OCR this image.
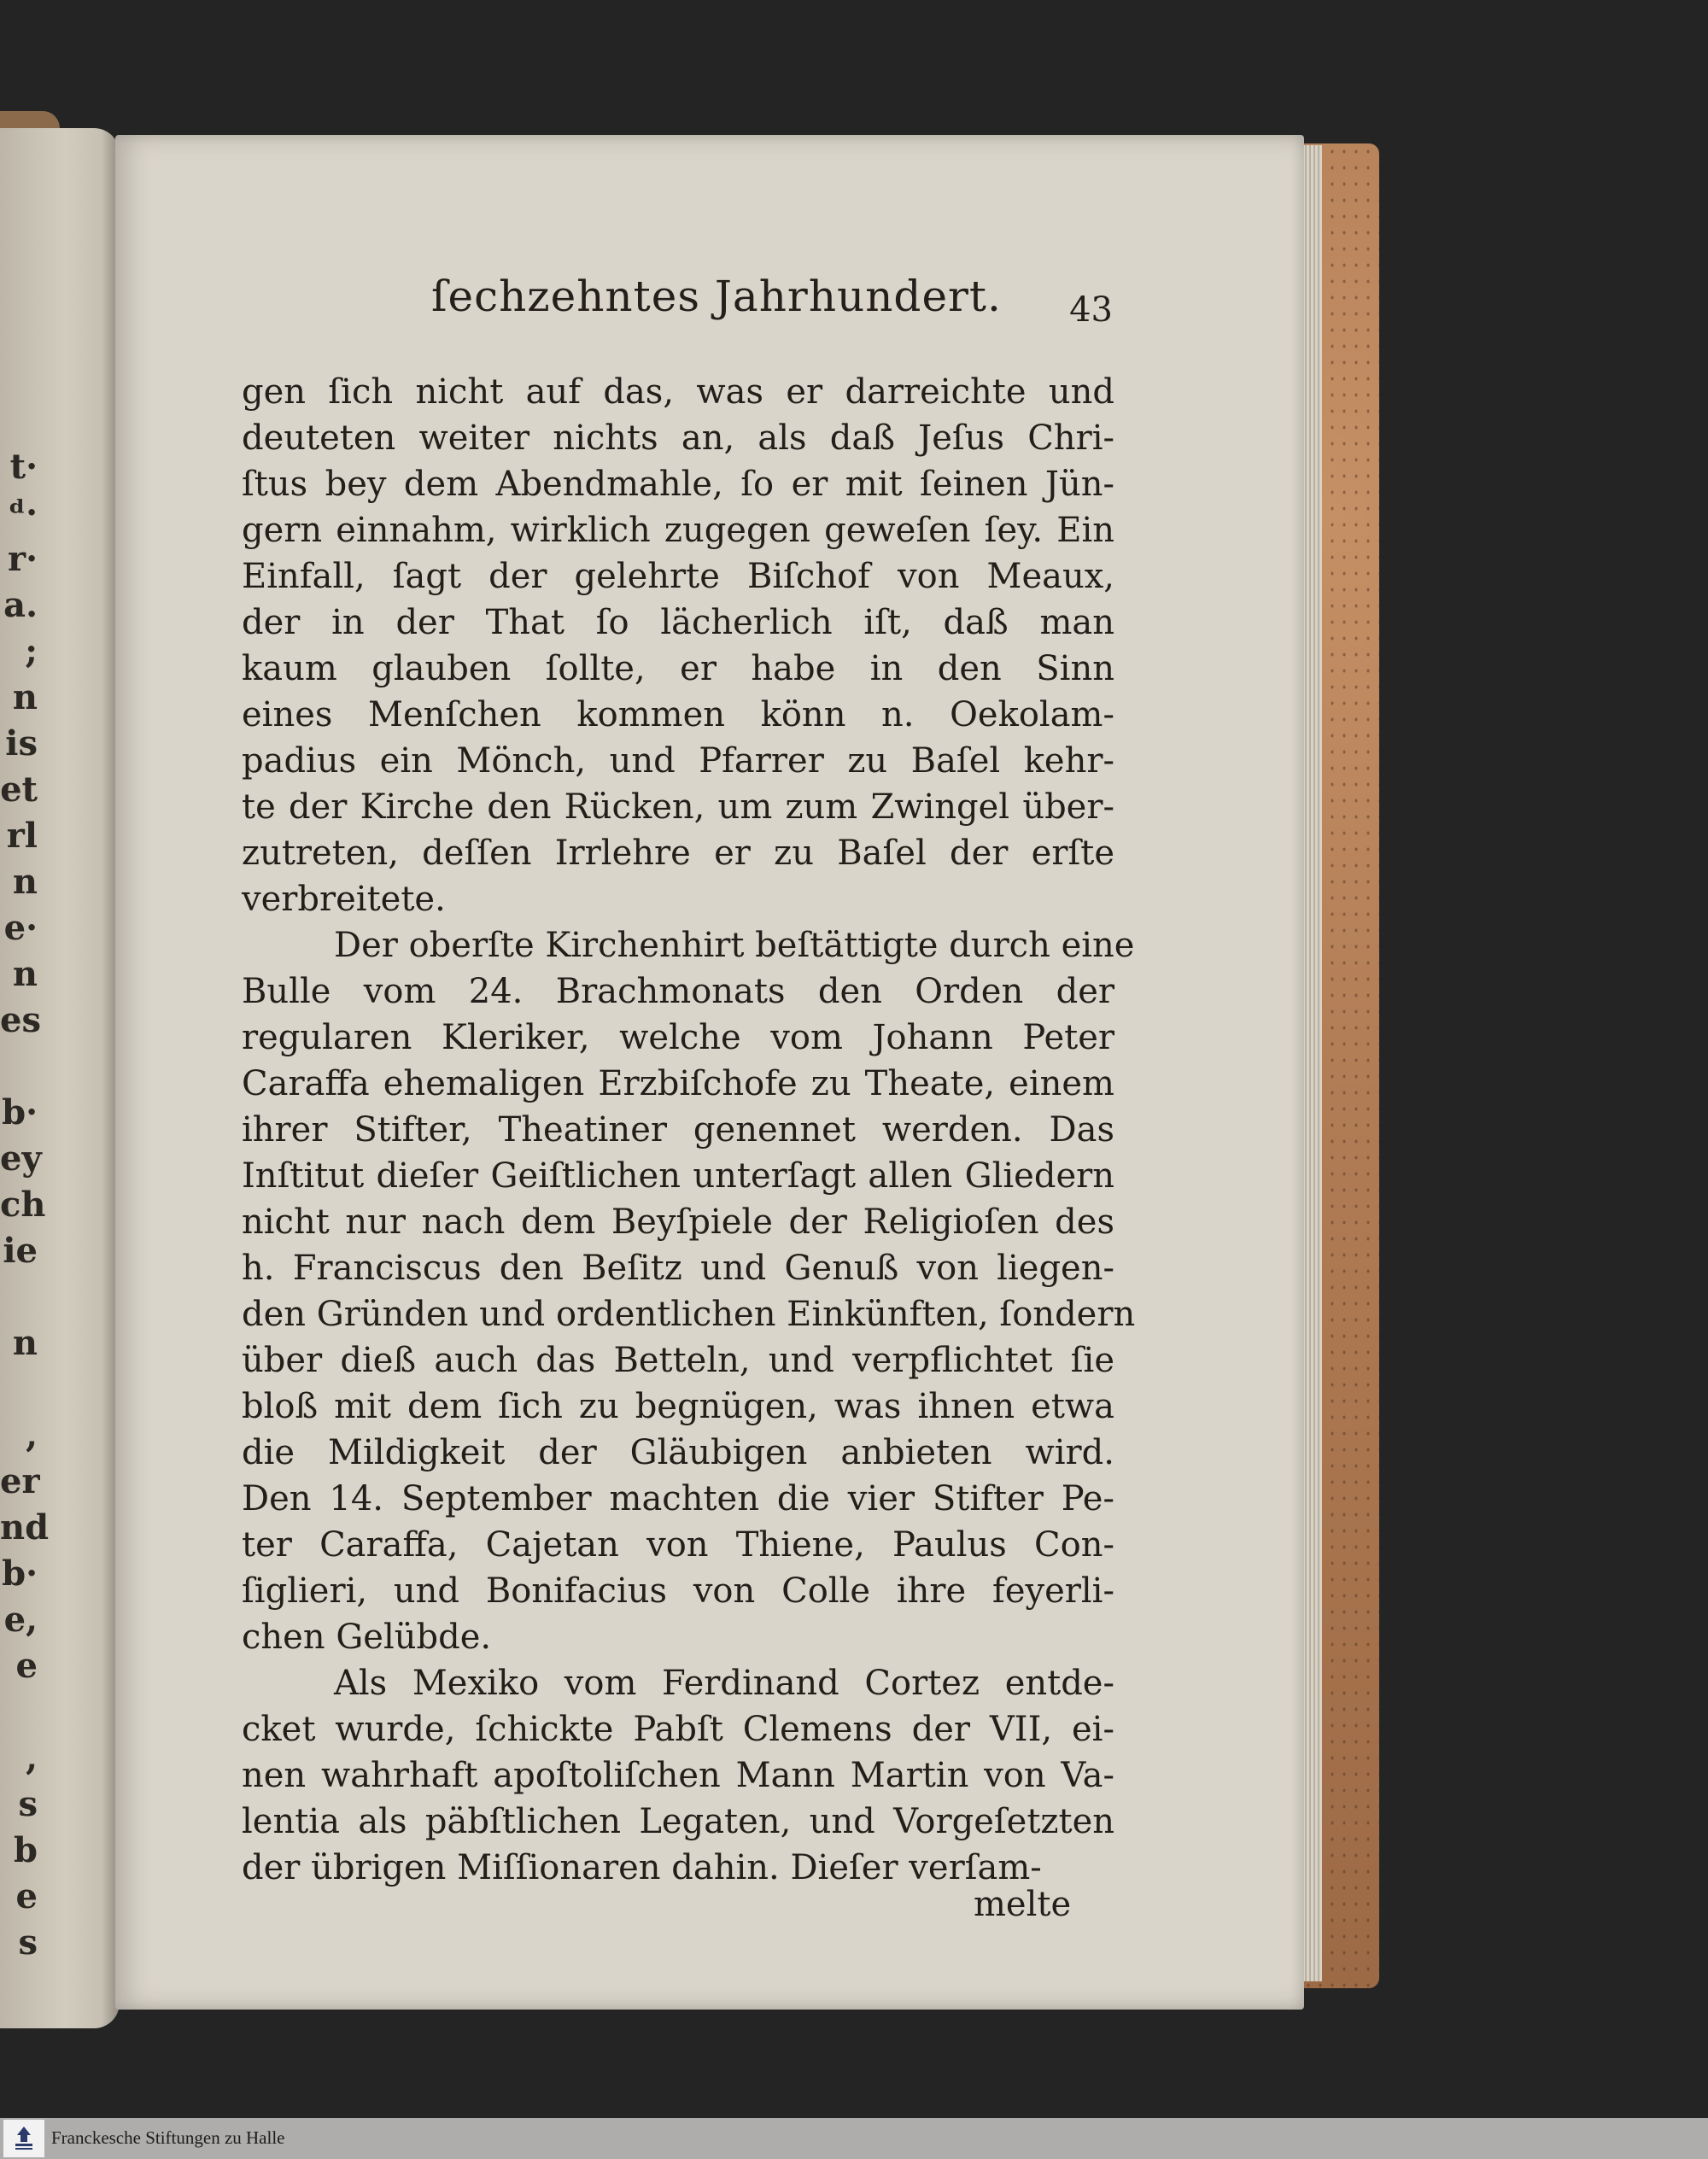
t·
ᵈ·
r·
a.
;
n
is
et
rl
n
e·
n
es
b·
ey
ch
ie
n
,
er
nd
b·
e,
e
,
s
b
e
s
ſechzehntes Jahrhundert. 43
gen ſich nicht auf das, was er darreichte und
deuteten weiter nichts an, als daß Jeſus Chri-
ſtus bey dem Abendmahle, ſo er mit ſeinen Jün-
gern einnahm, wirklich zugegen geweſen ſey. Ein
Einfall, ſagt der gelehrte Biſchof von Meaux,
der in der That ſo lächerlich iſt, daß man
kaum glauben ſollte, er habe in den Sinn
eines Menſchen kommen könn n. Oekolam-
padius ein Mönch, und Pfarrer zu Baſel kehr-
te der Kirche den Rücken, um zum Zwingel über-
zutreten, deſſen Irrlehre er zu Baſel der erſte
verbreitete.
Der oberſte Kirchenhirt beſtättigte durch eine
Bulle vom 24. Brachmonats den Orden der
regularen Kleriker, welche vom Johann Peter
Caraffa ehemaligen Erzbiſchofe zu Theate, einem
ihrer Stifter, Theatiner genennet werden. Das
Inſtitut dieſer Geiſtlichen unterſagt allen Gliedern
nicht nur nach dem Beyſpiele der Religioſen des
h. Franciscus den Beſitz und Genuß von liegen-
den Gründen und ordentlichen Einkünften, ſondern
über dieß auch das Betteln, und verpflichtet ſie
bloß mit dem ſich zu begnügen, was ihnen etwa
die Mildigkeit der Gläubigen anbieten wird.
Den 14. September machten die vier Stifter Pe-
ter Caraffa, Cajetan von Thiene, Paulus Con-
ſiglieri, und Bonifacius von Colle ihre feyerli-
chen Gelübde.
Als Mexiko vom Ferdinand Cortez entde-
cket wurde, ſchickte Pabſt Clemens der VII, ei-
nen wahrhaft apoſtoliſchen Mann Martin von Va-
lentia als päbſtlichen Legaten, und Vorgeſetzten
der übrigen Miſſionaren dahin. Dieſer verſam-
melte
Franckesche Stiftungen zu Halle
